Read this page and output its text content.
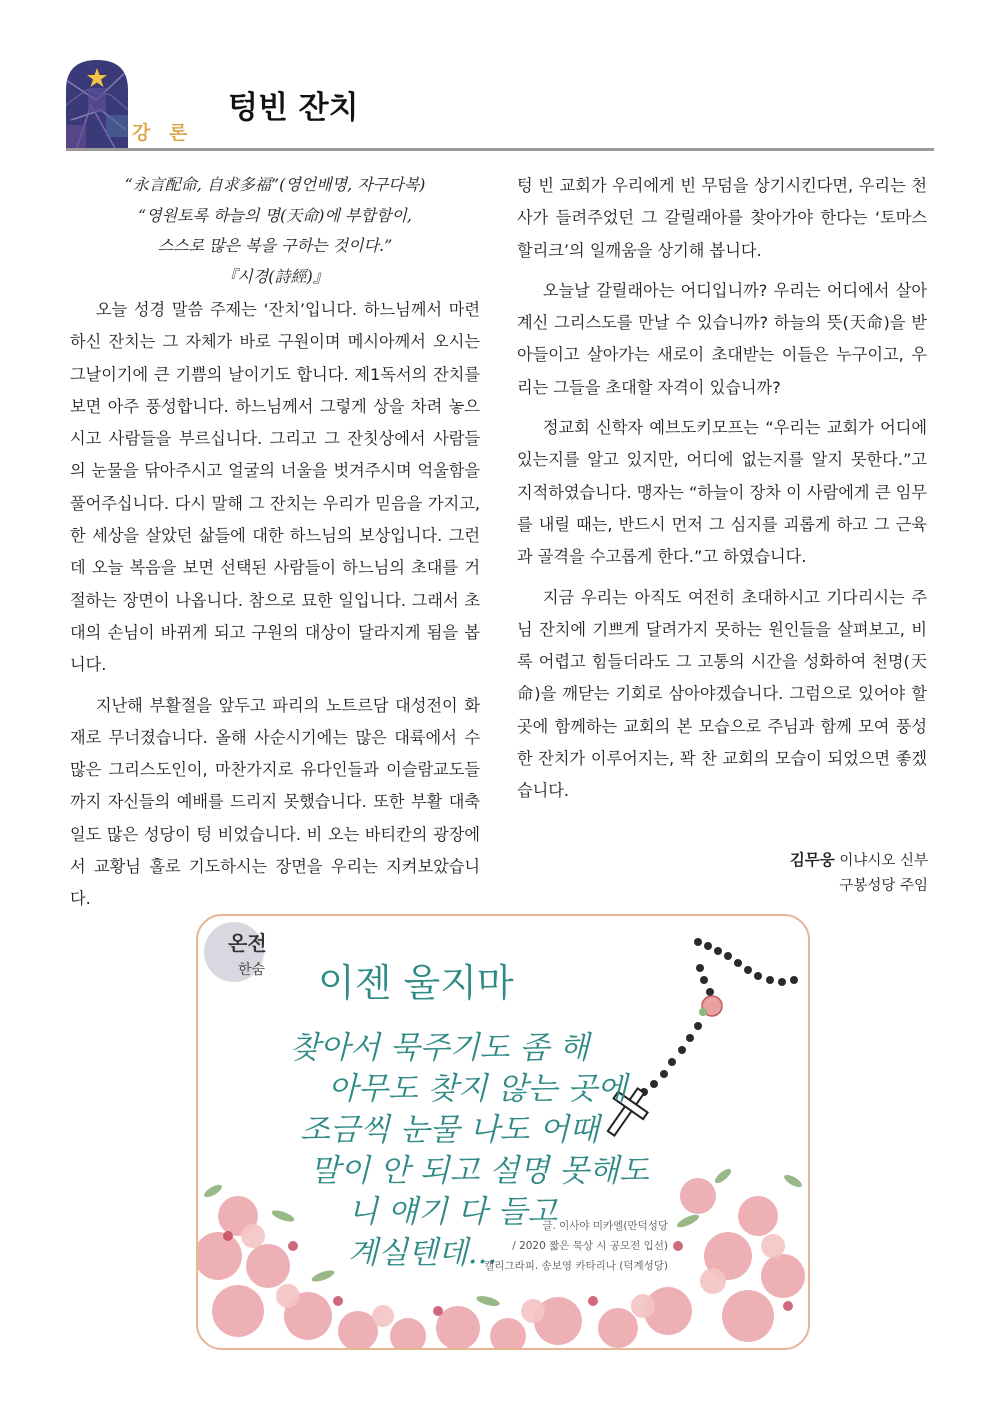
강 론
텅빈 잔치
“永言配命, 自求多福”(영언배명, 자구다복)
“영원토록 하늘의 명(天命)에 부합함이,
스스로 많은 복을 구하는 것이다.”
『시경(詩經)』

오늘 성경 말씀 주제는 ‘잔치’입니다. 하느님께서 마련하신 잔치는 그 자체가 바로 구원이며 메시아께서 오시는 그날이기에 큰 기쁨의 날이기도 합니다. 제1독서의 잔치를 보면 아주 풍성합니다. 하느님께서 그렇게 상을 차려 놓으시고 사람들을 부르십니다. 그리고 그 잔칫상에서 사람들의 눈물을 닦아주시고 얼굴의 너울을 벗겨주시며 억울함을 풀어주십니다. 다시 말해 그 잔치는 우리가 믿음을 가지고, 한 세상을 살았던 삶들에 대한 하느님의 보상입니다. 그런데 오늘 복음을 보면 선택된 사람들이 하느님의 초대를 거절하는 장면이 나옵니다. 참으로 묘한 일입니다. 그래서 초대의 손님이 바뀌게 되고 구원의 대상이 달라지게 됨을 봅니다.

지난해 부활절을 앞두고 파리의 노트르담 대성전이 화재로 무너졌습니다. 올해 사순시기에는 많은 대륙에서 수많은 그리스도인이, 마찬가지로 유다인들과 이슬람교도들까지 자신들의 예배를 드리지 못했습니다. 또한 부활 대축일도 많은 성당이 텅 비었습니다. 비 오는 바티칸의 광장에서 교황님 홀로 기도하시는 장면을 우리는 지켜보았습니다.

텅 빈 교회가 우리에게 빈 무덤을 상기시킨다면, 우리는 천사가 들려주었던 그 갈릴래아를 찾아가야 한다는 ‘토마스 할리크’의 일깨움을 상기해 봅니다.

오늘날 갈릴래아는 어디입니까? 우리는 어디에서 살아계신 그리스도를 만날 수 있습니까? 하늘의 뜻(天命)을 받아들이고 살아가는 새로이 초대받는 이들은 누구이고, 우리는 그들을 초대할 자격이 있습니까?

정교회 신학자 예브도키모프는 “우리는 교회가 어디에 있는지를 알고 있지만, 어디에 없는지를 알지 못한다.”고 지적하였습니다. 맹자는 “하늘이 장차 이 사람에게 큰 임무를 내릴 때는, 반드시 먼저 그 심지를 괴롭게 하고 그 근육과 골격을 수고롭게 한다.”고 하였습니다.

지금 우리는 아직도 여전히 초대하시고 기다리시는 주님 잔치에 기쁘게 달려가지 못하는 원인들을 살펴보고, 비록 어렵고 힘들더라도 그 고통의 시간을 성화하여 천명(天命)을 깨닫는 기회로 삼아야겠습니다. 그럼으로 있어야 할 곳에 함께하는 교회의 본 모습으로 주님과 함께 모여 풍성한 잔치가 이루어지는, 꽉 찬 교회의 모습이 되었으면 좋겠습니다.

김무웅 이냐시오 신부
구봉성당 주임
온전
한숨 이젠 울지마
찾아서 묵주기도 좀 해
아무도 찾지 않는 곳에
조금씩 눈물 나도 어때
말이 안 되고 설명 못해도
니 얘기 다 들고
계실텐데...
글. 이사야 미카엘(만덕성당
/ 2020 짧은 묵상 시 공모전 입선)
캘리그라피. 송보영 카타리나 (덕계성당)
